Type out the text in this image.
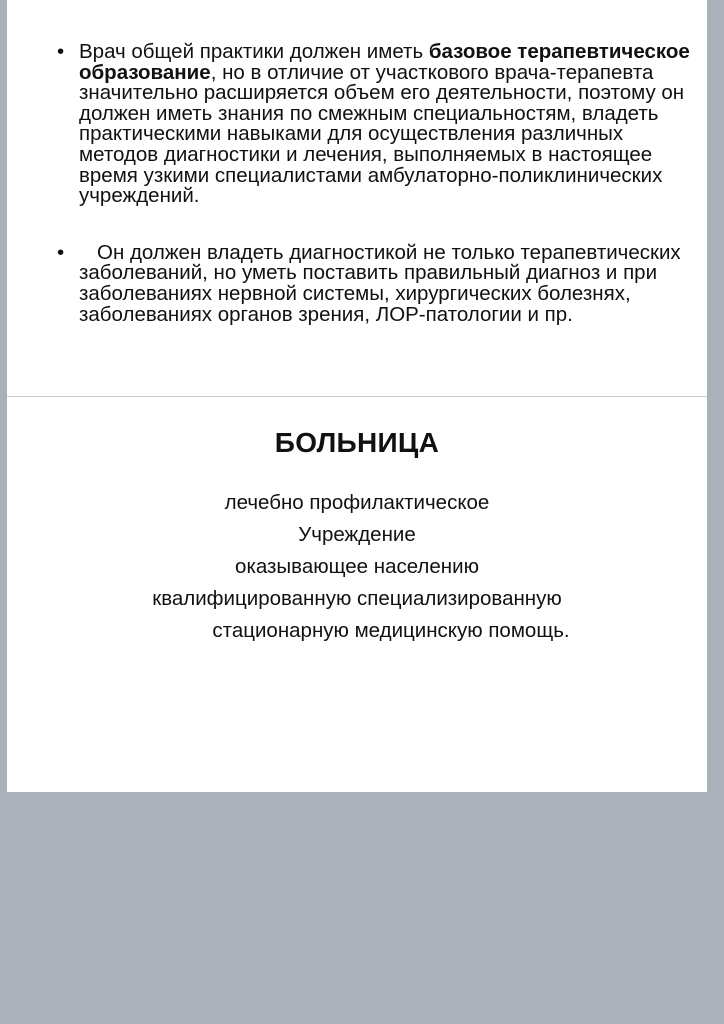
• Врач общей практики должен иметь базовое терапевтическое образование, но в отличие от участкового врача-терапевта значительно расширяется объем его деятельности, поэтому он должен иметь знания по смежным специальностям, владеть практическими навыками для осуществления различных методов диагностики и лечения, выполняемых в настоящее время узкими специалистами амбулаторно-поликлинических учреждений.
•	Он должен владеть диагностикой не только терапевтических заболеваний, но уметь поставить правильный диагноз и при заболеваниях нервной системы, хирургических болезнях, заболеваниях органов зрения, ЛОР-патологии и пр.
БОЛЬНИЦА
лечебно профилактическое
Учреждение
оказывающее населению
квалифицированную специализированную
стационарную медицинскую помощь.
